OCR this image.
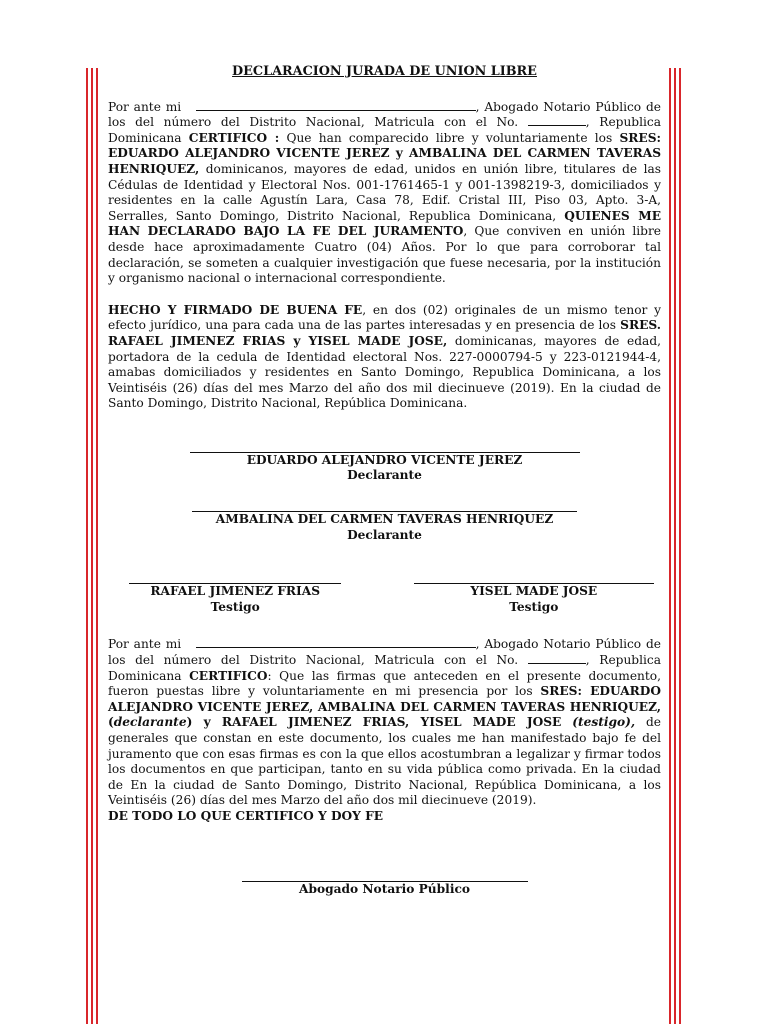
DECLARACION JURADA DE UNION LIBRE

Por ante mi	, Abogado Notario Público de los del número del Distrito Nacional, Matricula con el No.	, Republica Dominicana CERTIFICO : Que han comparecido libre y voluntariamente los SRES: EDUARDO ALEJANDRO VICENTE JEREZ y AMBALINA DEL CARMEN TAVERAS HENRIQUEZ, dominicanos, mayores de edad, unidos en unión libre, titulares de las Cédulas de Identidad y Electoral Nos. 001-1761465-1 y 001-1398219-3, domiciliados y residentes en la calle Agustín Lara, Casa 78, Edif. Cristal III, Piso 03, Apto. 3-A, Serralles, Santo Domingo, Distrito Nacional, Republica Dominicana, QUIENES ME HAN DECLARADO BAJO LA FE DEL JURAMENTO, Que conviven en unión libre desde hace aproximadamente Cuatro (04) Años. Por lo que para corroborar tal declaración, se someten a cualquier investigación que fuese necesaria, por la institución y organismo nacional o internacional correspondiente.

HECHO Y FIRMADO DE BUENA FE, en dos (02) originales de un mismo tenor y efecto jurídico, una para cada una de las partes interesadas y en presencia de los SRES. RAFAEL JIMENEZ FRIAS y YISEL MADE JOSE, dominicanas, mayores de edad, portadora de la cedula de Identidad electoral Nos. 227-0000794-5 y 223-0121944-4, amabas domiciliados y residentes en Santo Domingo, Republica Dominicana, a los Veintiséis (26) días del mes Marzo del año dos mil diecinueve (2019). En la ciudad de Santo Domingo, Distrito Nacional, República Dominicana.

EDUARDO ALEJANDRO VICENTE JEREZ
Declarante
AMBALINA DEL CARMEN TAVERAS HENRIQUEZ
Declarante
RAFAEL JIMENEZ FRIAS
Testigo
YISEL MADE JOSE
Testigo

Por ante mi	, Abogado Notario Público de los del número del Distrito Nacional, Matricula con el No.	, Republica Dominicana CERTIFICO: Que las firmas que anteceden en el presente documento, fueron puestas libre y voluntariamente en mi presencia por los SRES: EDUARDO ALEJANDRO VICENTE JEREZ, AMBALINA DEL CARMEN TAVERAS HENRIQUEZ, (declarante) y RAFAEL JIMENEZ FRIAS, YISEL MADE JOSE (testigo), de generales que constan en este documento, los cuales me han manifestado bajo fe del juramento que con esas firmas es con la que ellos acostumbran a legalizar y firmar todos los documentos en que participan, tanto en su vida pública como privada. En la ciudad de En la ciudad de Santo Domingo, Distrito Nacional, República Dominicana, a los Veintiséis (26) días del mes Marzo del año dos mil diecinueve (2019).

DE TODO LO QUE CERTIFICO Y DOY FE
Abogado Notario Público
